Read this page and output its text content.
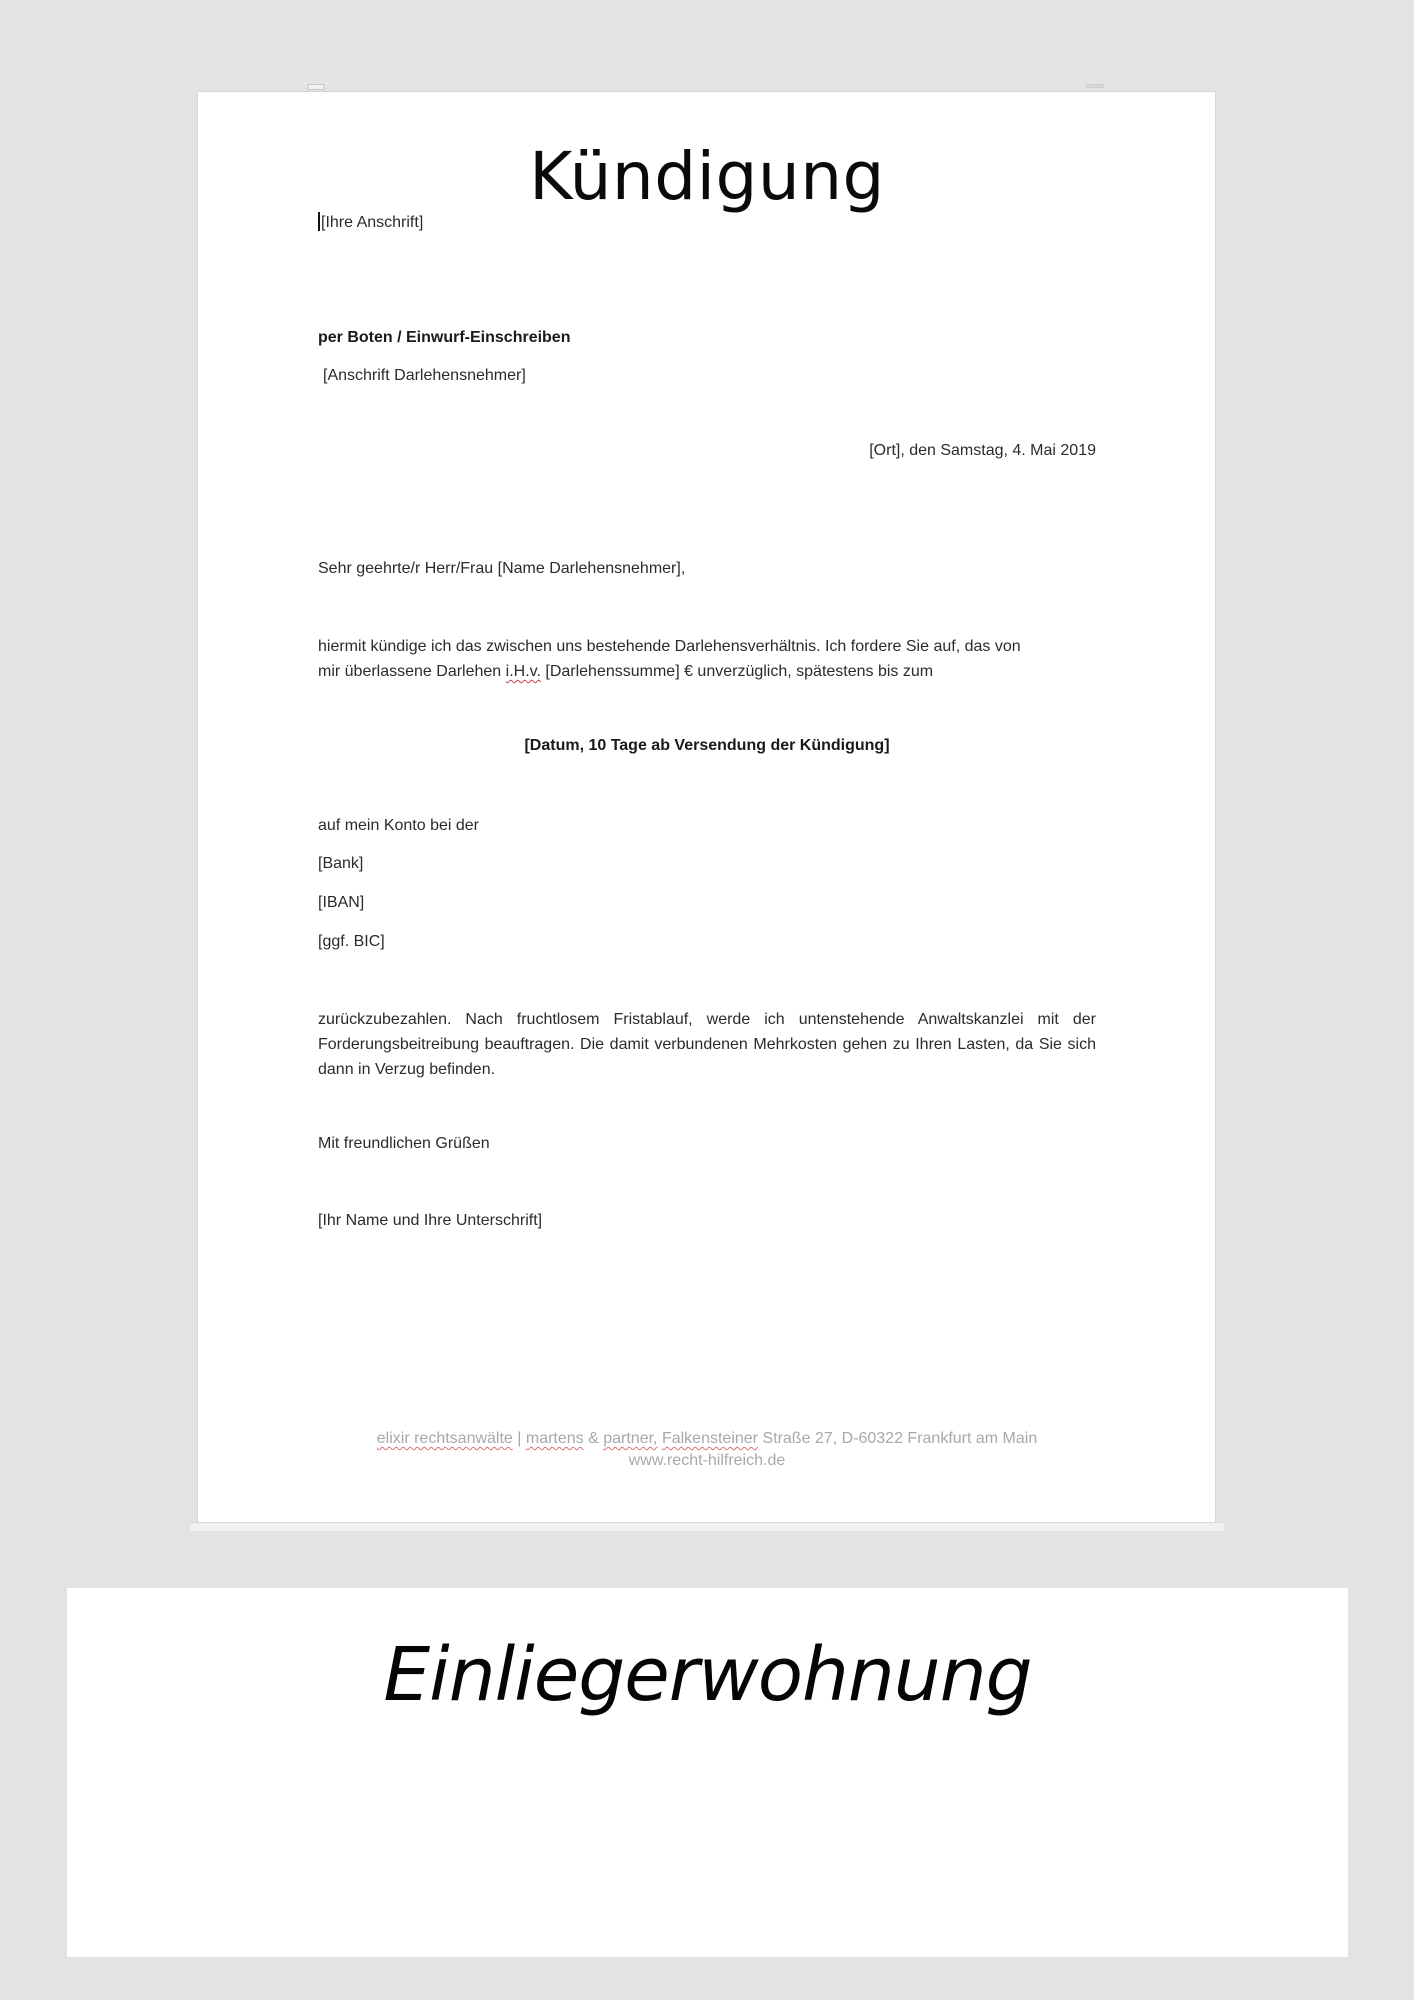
Kündigung
[Ihre Anschrift]
per Boten / Einwurf-Einschreiben
[Anschrift Darlehensnehmer]
[Ort], den Samstag, 4. Mai 2019
Sehr geehrte/r Herr/Frau [Name Darlehensnehmer],
hiermit kündige ich das zwischen uns bestehende Darlehensverhältnis. Ich fordere Sie auf, das von
mir überlassene Darlehen i.H.v. [Darlehenssumme] € unverzüglich, spätestens bis zum
[Datum, 10 Tage ab Versendung der Kündigung]
auf mein Konto bei der
[Bank]
[IBAN]
[ggf. BIC]
zurückzubezahlen. Nach fruchtlosem Fristablauf, werde ich untenstehende Anwaltskanzlei mit der Forderungsbeitreibung beauftragen. Die damit verbundenen Mehrkosten gehen zu Ihren Lasten, da Sie sich dann in Verzug befinden.
Mit freundlichen Grüßen
[Ihr Name und Ihre Unterschrift]
elixir rechtsanwälte | martens & partner, Falkensteiner Straße 27, D-60322 Frankfurt am Main
www.recht-hilfreich.de
Einliegerwohnung
